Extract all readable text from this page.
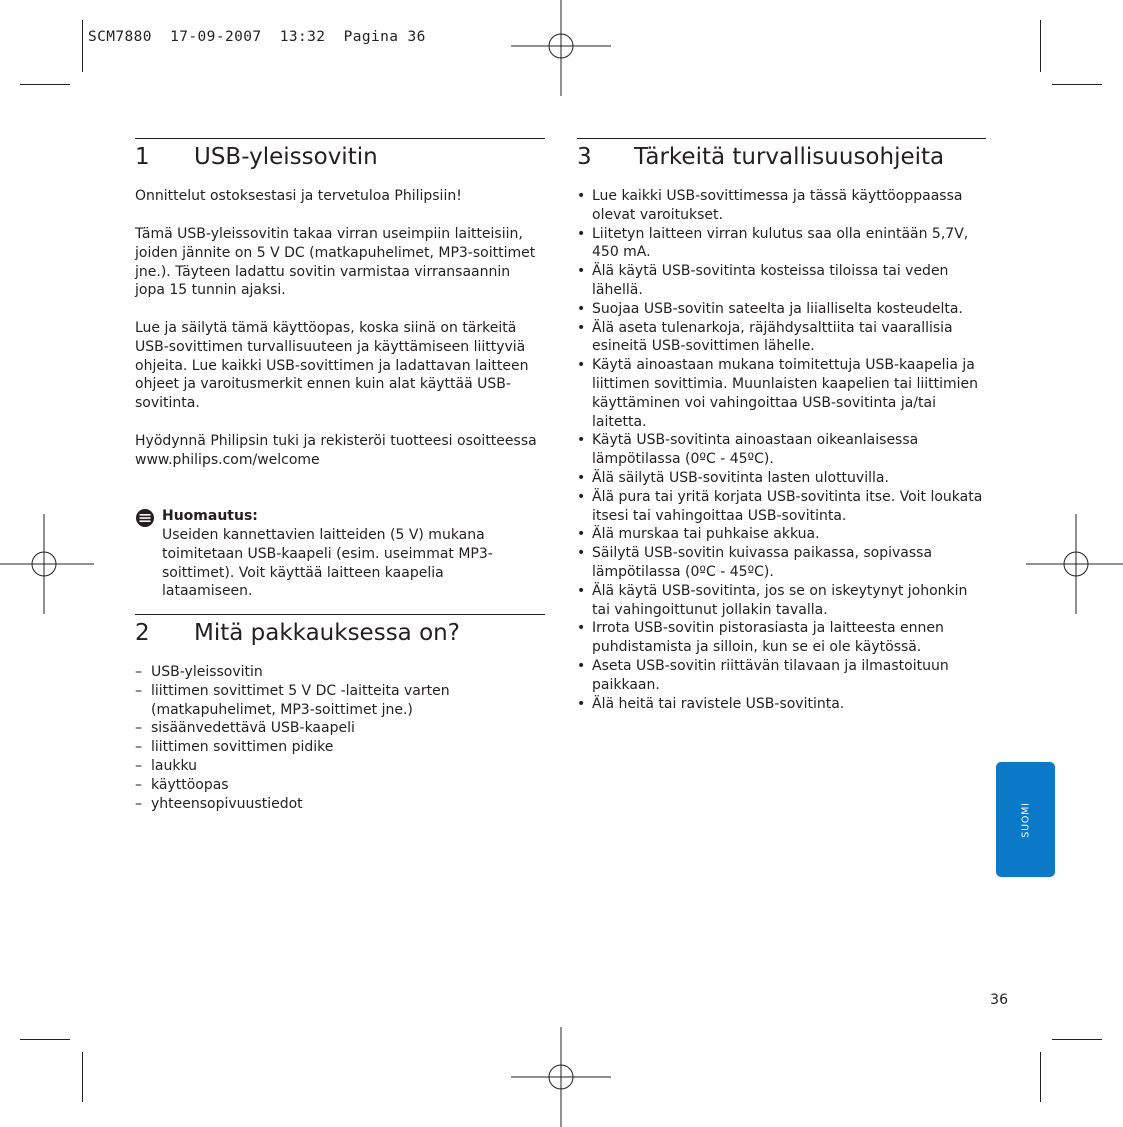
SCM7880  17-09-2007  13:32  Pagina 36
1 USB-yleissovitin

Onnittelut ostoksestasi ja tervetuloa Philipsiin!

Tämä USB-yleissovitin takaa virran useimpiin laitteisiin, joiden jännite on 5 V DC (matkapuhelimet, MP3-soittimet jne.). Täyteen ladattu sovitin varmistaa virransaannin jopa 15 tunnin ajaksi.

Lue ja säilytä tämä käyttöopas, koska siinä on tärkeitä USB-sovittimen turvallisuuteen ja käyttämiseen liittyviä ohjeita. Lue kaikki USB-sovittimen ja ladattavan laitteen ohjeet ja varoitusmerkit ennen kuin alat käyttää USB-sovitinta.

Hyödynnä Philipsin tuki ja rekisteröi tuotteesi osoitteessa www.philips.com/welcome

Huomautus:

Useiden kannettavien laitteiden (5 V) mukana toimitetaan USB-kaapeli (esim. useimmat MP3-soittimet). Voit käyttää laitteen kaapelia lataamiseen.

2 Mitä pakkauksessa on?
– USB-yleissovitin
– liittimen sovittimet 5 V DC -laitteita varten (matkapuhelimet, MP3-soittimet jne.)
– sisäänvedettävä USB-kaapeli
– liittimen sovittimen pidike
– laukku
– käyttöopas
– yhteensopivuustiedot
3 Tärkeitä turvallisuusohjeita
• Lue kaikki USB-sovittimessa ja tässä käyttöoppaassa olevat varoitukset.
• Liitetyn laitteen virran kulutus saa olla enintään 5,7V, 450 mA.
• Älä käytä USB-sovitinta kosteissa tiloissa tai veden lähellä.
• Suojaa USB-sovitin sateelta ja liialliselta kosteudelta.
• Älä aseta tulenarkoja, räjähdysalttiita tai vaarallisia esineitä USB-sovittimen lähelle.
• Käytä ainoastaan mukana toimitettuja USB-kaapelia ja liittimen sovittimia. Muunlaisten kaapelien tai liittimien käyttäminen voi vahingoittaa USB-sovitinta ja/tai laitetta.
• Käytä USB-sovitinta ainoastaan oikeanlaisessa lämpötilassa (0ºC - 45ºC).
• Älä säilytä USB-sovitinta lasten ulottuvilla.
• Älä pura tai yritä korjata USB-sovitinta itse. Voit loukata itsesi tai vahingoittaa USB-sovitinta.
• Älä murskaa tai puhkaise akkua.
• Säilytä USB-sovitin kuivassa paikassa, sopivassa lämpötilassa (0ºC - 45ºC).
• Älä käytä USB-sovitinta, jos se on iskeytynyt johonkin tai vahingoittunut jollakin tavalla.
• Irrota USB-sovitin pistorasiasta ja laitteesta ennen puhdistamista ja silloin, kun se ei ole käytössä.
• Aseta USB-sovitin riittävän tilavaan ja ilmastoituun paikkaan.
• Älä heitä tai ravistele USB-sovitinta.
SUOMI
36
